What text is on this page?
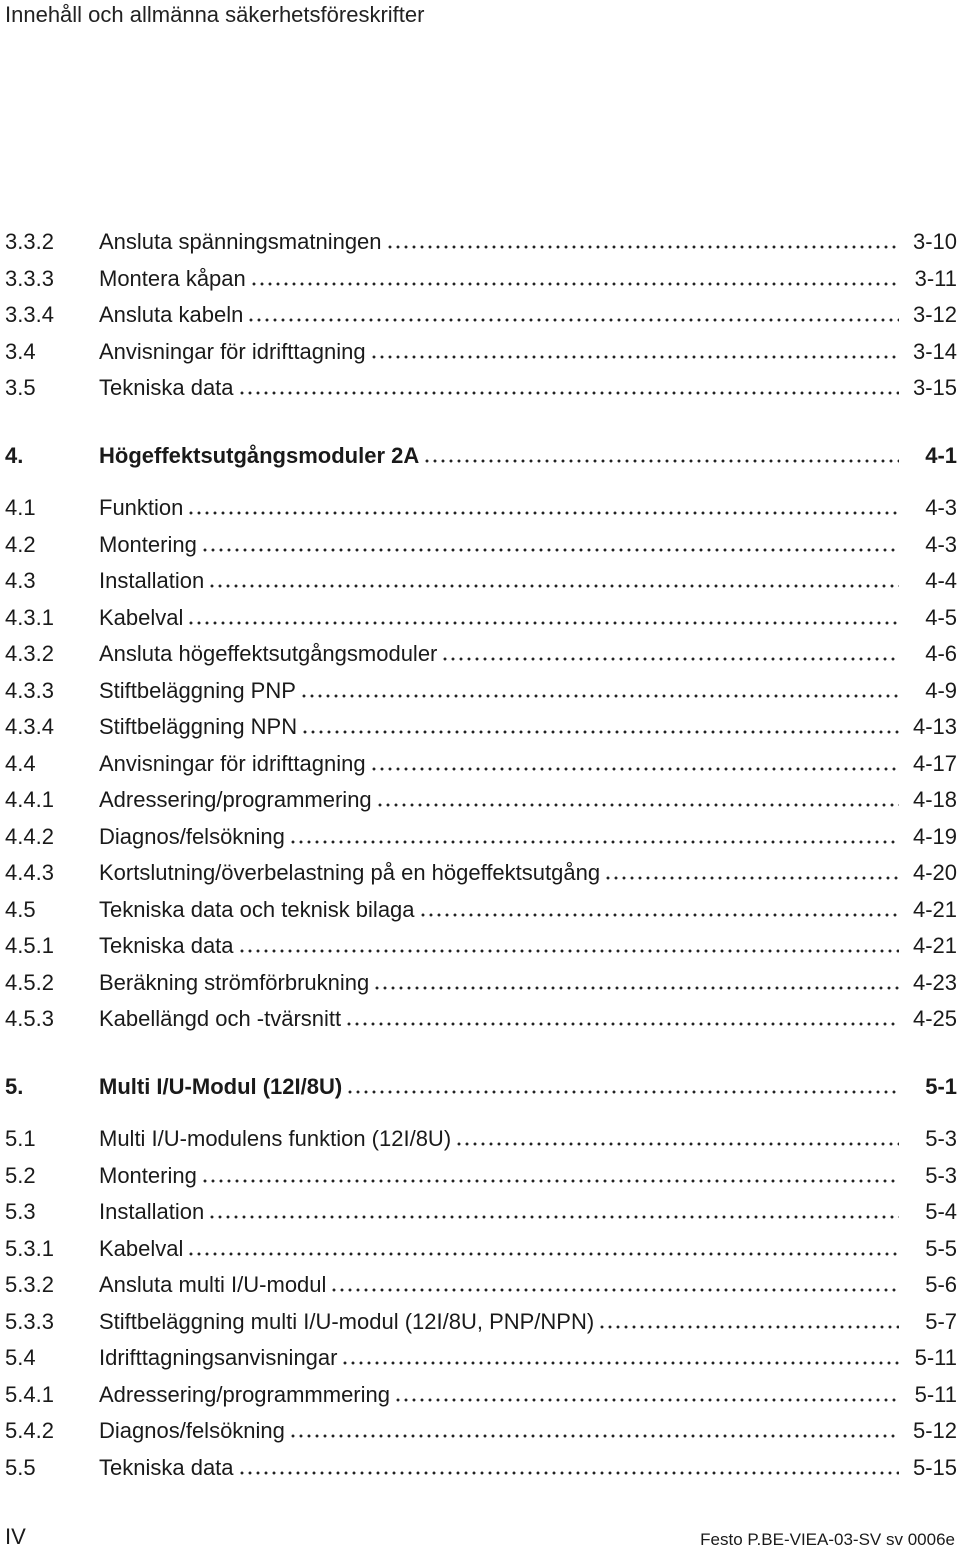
Innehåll och allmänna säkerhetsföreskrifter
3.3.2	Ansluta spänningsmatningen	3-10
3.3.3	Montera kåpan	3-11
3.3.4	Ansluta kabeln	3-12
3.4	Anvisningar för idrifttagning	3-14
3.5	Tekniska data	3-15
4.	Högeffektsutgångsmoduler 2A	4-1
4.1	Funktion	4-3
4.2	Montering	4-3
4.3	Installation	4-4
4.3.1	Kabelval	4-5
4.3.2	Ansluta högeffektsutgångsmoduler	4-6
4.3.3	Stiftbeläggning PNP	4-9
4.3.4	Stiftbeläggning NPN	4-13
4.4	Anvisningar för idrifttagning	4-17
4.4.1	Adressering/programmering	4-18
4.4.2	Diagnos/felsökning	4-19
4.4.3	Kortslutning/överbelastning på en högeffektsutgång	4-20
4.5	Tekniska data och teknisk bilaga	4-21
4.5.1	Tekniska data	4-21
4.5.2	Beräkning strömförbrukning	4-23
4.5.3	Kabellängd och -tvärsnitt	4-25
5.	Multi I/U-Modul (12I/8U)	5-1
5.1	Multi I/U-modulens funktion (12I/8U)	5-3
5.2	Montering	5-3
5.3	Installation	5-4
5.3.1	Kabelval	5-5
5.3.2	Ansluta multi I/U-modul	5-6
5.3.3	Stiftbeläggning multi I/U-modul (12I/8U, PNP/NPN)	5-7
5.4	Idrifttagningsanvisningar	5-11
5.4.1	Adressering/programmmering	5-11
5.4.2	Diagnos/felsökning	5-12
5.5	Tekniska data	5-15
IV	Festo P.BE-VIEA-03-SV sv 0006e
